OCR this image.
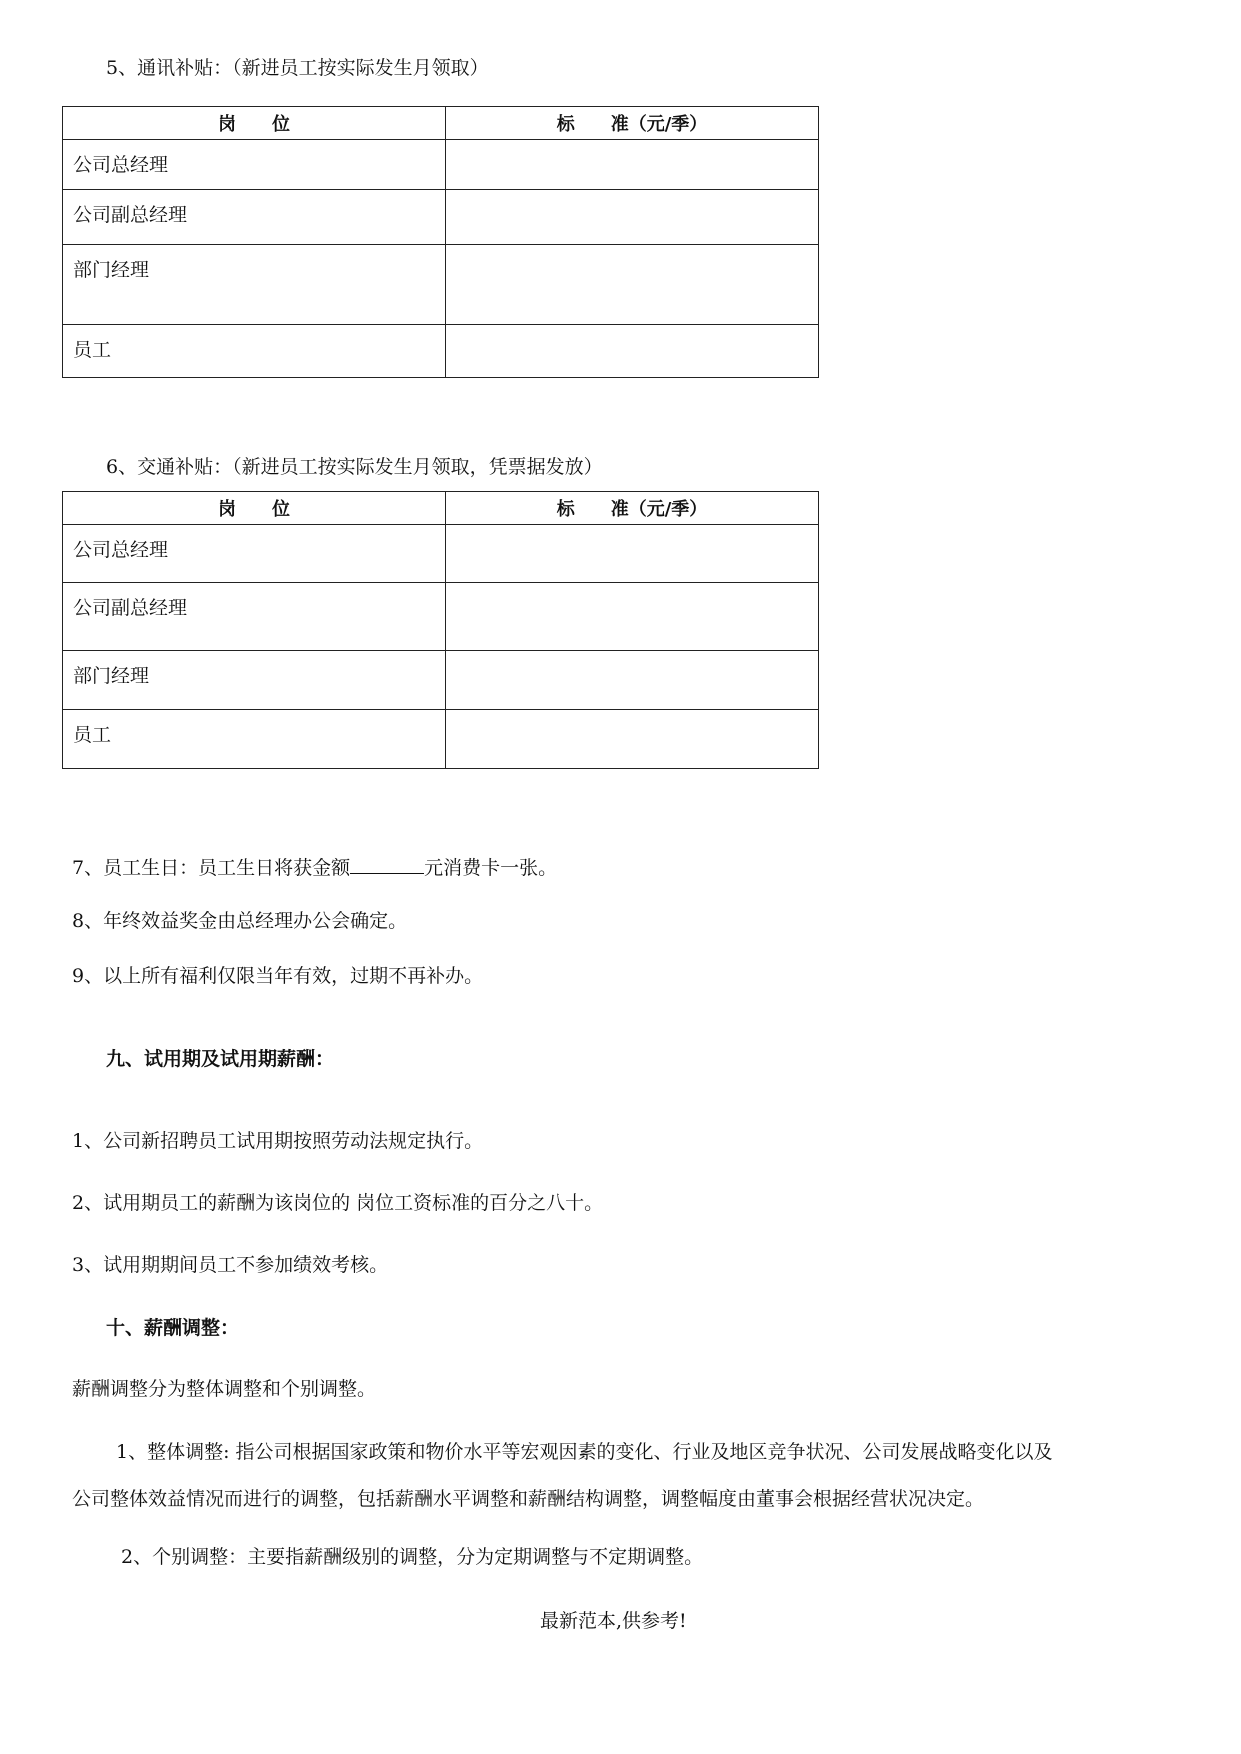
5、通讯补贴：（新进员工按实际发生月领取）
岗　　位	标　　准（元/季）
公司总经理	
公司副总经理	
部门经理	
员工	
6、交通补贴：（新进员工按实际发生月领取，凭票据发放）
岗　　位	标　　准（元/季）
公司总经理	
公司副总经理	
部门经理	
员工	
7、员工生日：员工生日将获金额	元消费卡一张。
8、年终效益奖金由总经理办公会确定。
9、以上所有福利仅限当年有效，过期不再补办。
九、试用期及试用期薪酬：
1、公司新招聘员工试用期按照劳动法规定执行。
2、试用期员工的薪酬为该岗位的 岗位工资标准的百分之八十。
3、试用期期间员工不参加绩效考核。
十、薪酬调整：
薪酬调整分为整体调整和个别调整。
1、整体调整: 指公司根据国家政策和物价水平等宏观因素的变化、行业及地区竞争状况、公司发展战略变化以及
公司整体效益情况而进行的调整，包括薪酬水平调整和薪酬结构调整，调整幅度由董事会根据经营状况决定。
2、个别调整：主要指薪酬级别的调整，分为定期调整与不定期调整。
最新范本,供参考!
